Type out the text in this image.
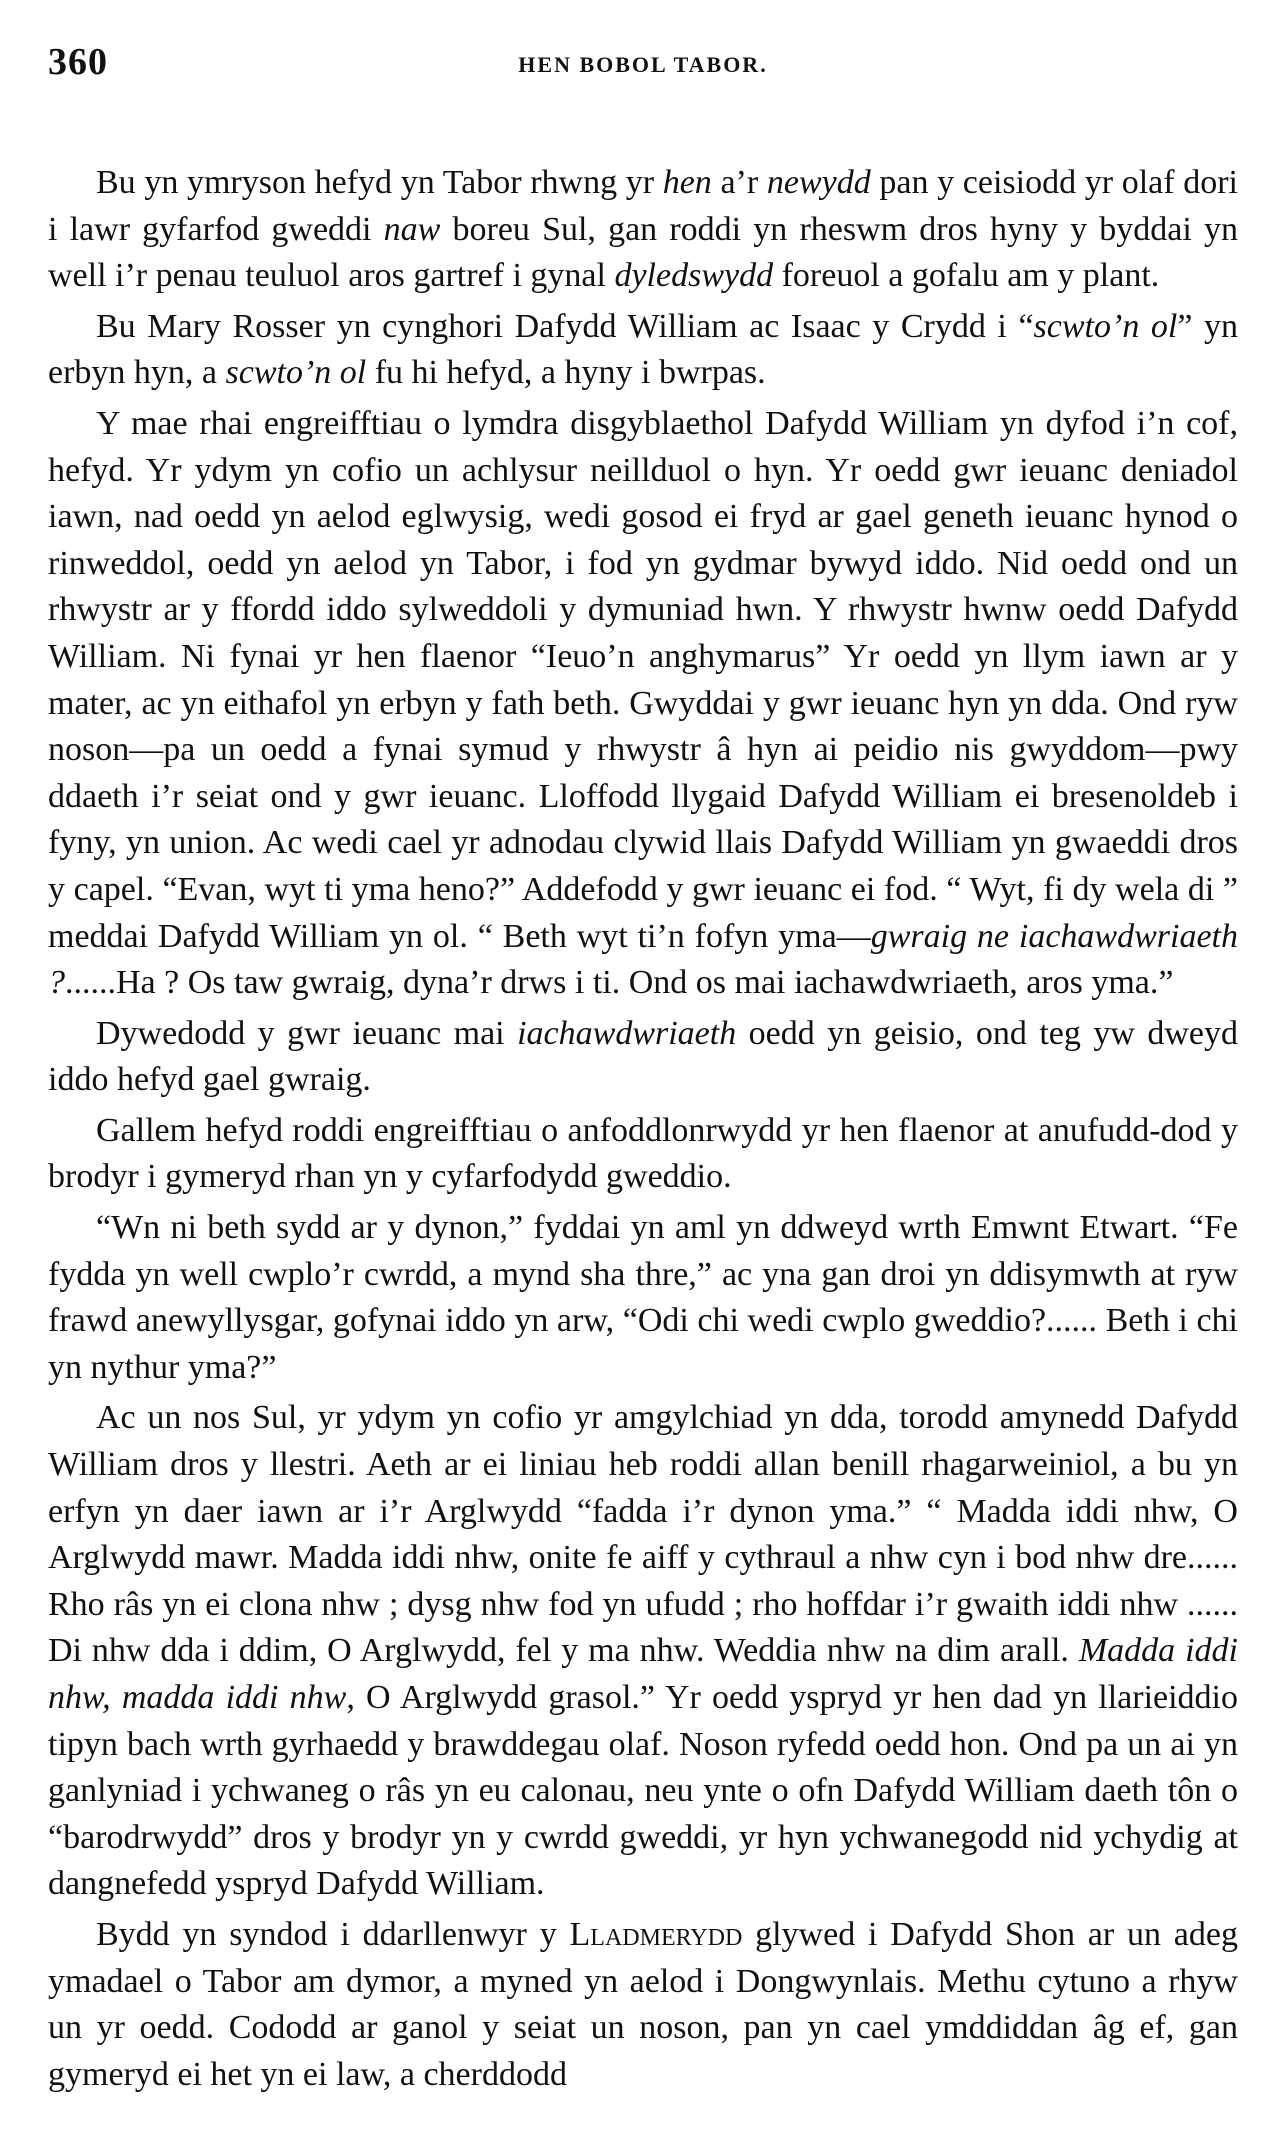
360	HEN BOBOL TABOR.

Bu yn ymryson hefyd yn Tabor rhwng yr hen a’r newydd pan y ceisiodd yr olaf dori i lawr gyfarfod gweddi naw boreu Sul, gan roddi yn rheswm dros hyny y byddai yn well i’r penau teuluol aros gartref i gynal dyledswydd foreuol a gofalu am y plant.

Bu Mary Rosser yn cynghori Dafydd William ac Isaac y Crydd i “scwto’n ol” yn erbyn hyn, a scwto’n ol fu hi hefyd, a hyny i bwrpas.

Y mae rhai engreifftiau o lymdra disgyblaethol Dafydd William yn dyfod i’n cof, hefyd. Yr ydym yn cofio un achlysur neillduol o hyn. Yr oedd gwr ieuanc deniadol iawn, nad oedd yn aelod eglwysig, wedi gosod ei fryd ar gael geneth ieuanc hynod o rinweddol, oedd yn aelod yn Tabor, i fod yn gydmar bywyd iddo. Nid oedd ond un rhwystr ar y ffordd iddo sylweddoli y dymuniad hwn. Y rhwystr hwnw oedd Dafydd William. Ni fynai yr hen flaenor “Ieuo’n anghymarus” Yr oedd yn llym iawn ar y mater, ac yn eithafol yn erbyn y fath beth. Gwyddai y gwr ieuanc hyn yn dda. Ond ryw noson—pa un oedd a fynai symud y rhwystr â hyn ai peidio nis gwyddom—pwy ddaeth i’r seiat ond y gwr ieuanc. Lloffodd llygaid Dafydd William ei bresenoldeb i fyny, yn union. Ac wedi cael yr adnodau clywid llais Dafydd William yn gwaeddi dros y capel. “Evan, wyt ti yma heno?” Addefodd y gwr ieuanc ei fod. “ Wyt, fi dy wela di ” meddai Dafydd William yn ol. “ Beth wyt ti’n fofyn yma—gwraig ne iachawdwriaeth ?......Ha ? Os taw gwraig, dyna’r drws i ti. Ond os mai iachawdwriaeth, aros yma.”

Dywedodd y gwr ieuanc mai iachawdwriaeth oedd yn geisio, ond teg yw dweyd iddo hefyd gael gwraig.

Gallem hefyd roddi engreifftiau o anfoddlonrwydd yr hen flaenor at anufudd-dod y brodyr i gymeryd rhan yn y cyfarfodydd gweddio.

“Wn ni beth sydd ar y dynon,” fyddai yn aml yn ddweyd wrth Emwnt Etwart. “Fe fydda yn well cwplo’r cwrdd, a mynd sha thre,” ac yna gan droi yn ddisymwth at ryw frawd anewyllysgar, gofynai iddo yn arw, “Odi chi wedi cwplo gweddio?...... Beth i chi yn nythur yma?”

Ac un nos Sul, yr ydym yn cofio yr amgylchiad yn dda, torodd amynedd Dafydd William dros y llestri. Aeth ar ei liniau heb roddi allan benill rhagarweiniol, a bu yn erfyn yn daer iawn ar i’r Arglwydd “fadda i’r dynon yma.” “ Madda iddi nhw, O Arglwydd mawr. Madda iddi nhw, onite fe aiff y cythraul a nhw cyn i bod nhw dre...... Rho râs yn ei clona nhw ; dysg nhw fod yn ufudd ; rho hoffdar i’r gwaith iddi nhw ...... Di nhw dda i ddim, O Arglwydd, fel y ma nhw. Weddia nhw na dim arall. Madda iddi nhw, madda iddi nhw, O Arglwydd grasol.” Yr oedd yspryd yr hen dad yn llarieiddio tipyn bach wrth gyrhaedd y brawddegau olaf. Noson ryfedd oedd hon. Ond pa un ai yn ganlyniad i ychwaneg o râs yn eu calonau, neu ynte o ofn Dafydd William daeth tôn o “barodrwydd” dros y brodyr yn y cwrdd gweddi, yr hyn ychwanegodd nid ychydig at dangnefedd yspryd Dafydd William.

Bydd yn syndod i ddarllenwyr y Lladmerydd glywed i Dafydd Shon ar un adeg ymadael o Tabor am dymor, a myned yn aelod i Dongwynlais. Methu cytuno a rhyw un yr oedd. Cododd ar ganol y seiat un noson, pan yn cael ymddiddan âg ef, gan gymeryd ei het yn ei law, a cherddodd
